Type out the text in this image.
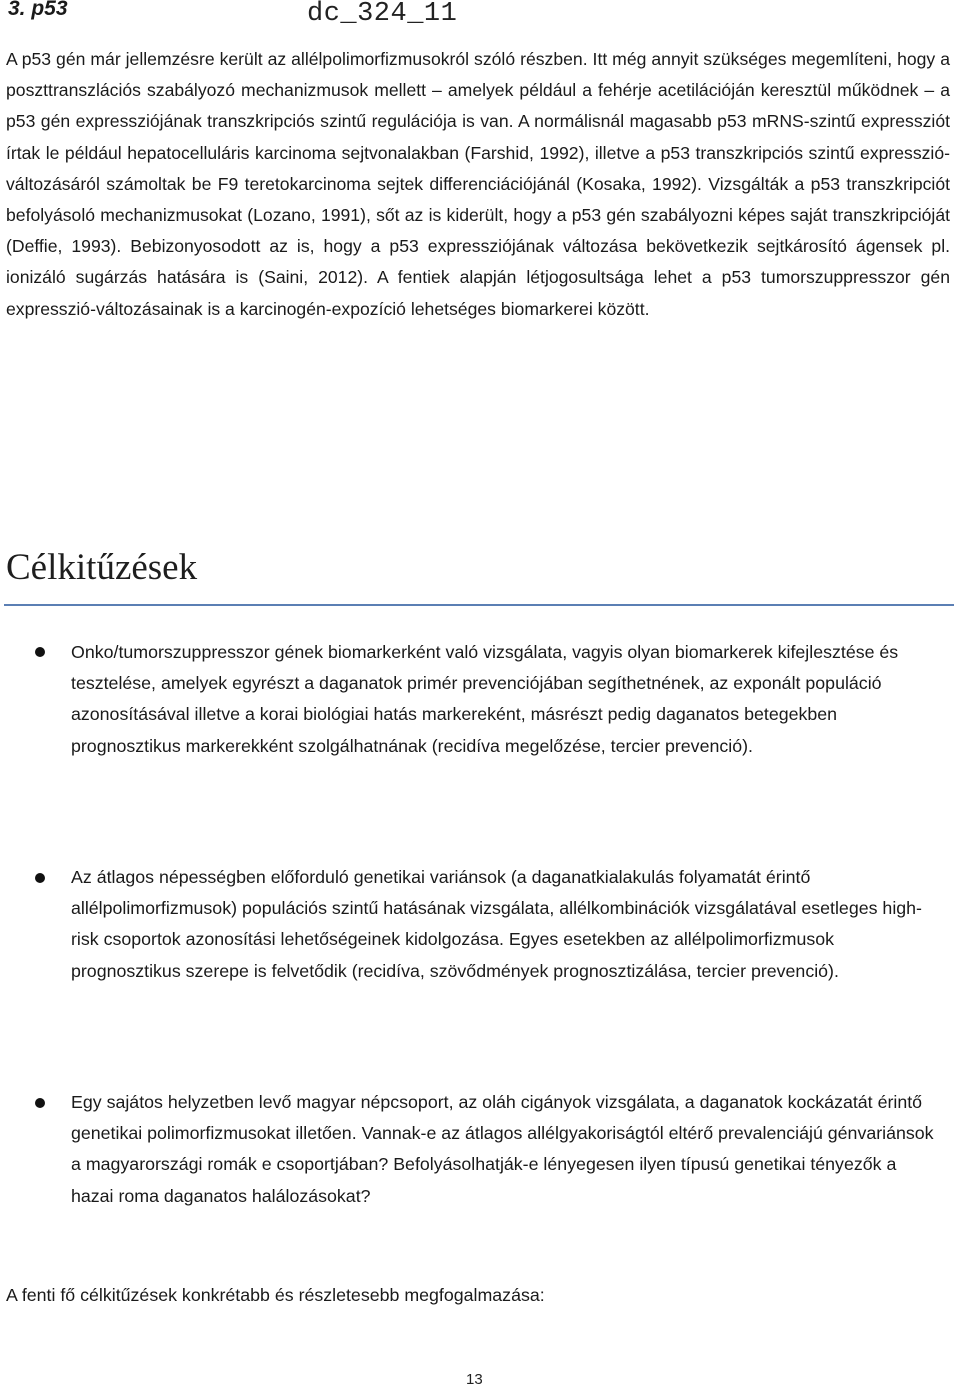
3. p53	dc_324_11

A p53 gén már jellemzésre került az allélpolimorfizmusokról szóló részben. Itt még annyit szükséges megemlíteni, hogy a poszttranszlációs szabályozó mechanizmusok mellett – amelyek például a fehérje acetilációján keresztül működnek – a p53 gén expressziójának transzkripciós szintű regulációja is van. A normálisnál magasabb p53 mRNS-szintű expressziót írtak le például hepatocelluláris karcinoma sejtvonalakban (Farshid, 1992), illetve a p53 transzkripciós szintű expresszió-változásáról számoltak be F9 teretokarcinoma sejtek differenciációjánál (Kosaka, 1992). Vizsgálták a p53 transzkripciót befolyásoló mechanizmusokat (Lozano, 1991), sőt az is kiderült, hogy a p53 gén szabályozni képes saját transzkripcióját (Deffie, 1993). Bebizonyosodott az is, hogy a p53 expressziójának változása bekövetkezik sejtkárosító ágensek pl. ionizáló sugárzás hatására is (Saini, 2012). A fentiek alapján létjogosultsága lehet a p53 tumorszuppresszor gén expresszió-változásainak is a karcinogén-expozíció lehetséges biomarkerei között.

Célkitűzések

Onko/tumorszuppresszor gének biomarkerként való vizsgálata, vagyis olyan biomarkerek kifejlesztése és tesztelése, amelyek egyrészt a daganatok primér prevenciójában segíthetnének, az exponált populáció azonosításával illetve a korai biológiai hatás markereként, másrészt pedig daganatos betegekben prognosztikus markerekként szolgálhatnának (recidíva megelőzése, tercier prevenció).

Az átlagos népességben előforduló genetikai variánsok (a daganatkialakulás folyamatát érintő allélpolimorfizmusok) populációs szintű hatásának vizsgálata, allélkombinációk vizsgálatával esetleges high-risk csoportok azonosítási lehetőségeinek kidolgozása. Egyes esetekben az allélpolimorfizmusok prognosztikus szerepe is felvetődik (recidíva, szövődmények prognosztizálása, tercier prevenció).

Egy sajátos helyzetben levő magyar népcsoport, az oláh cigányok vizsgálata, a daganatok kockázatát érintő genetikai polimorfizmusokat illetően. Vannak-e az átlagos allélgyakoriságtól eltérő prevalenciájú génvariánsok a magyarországi romák e csoportjában? Befolyásolhatják-e lényegesen ilyen típusú genetikai tényezők a hazai roma daganatos halálozásokat?

A fenti fő célkitűzések konkrétabb és részletesebb megfogalmazása:

13
